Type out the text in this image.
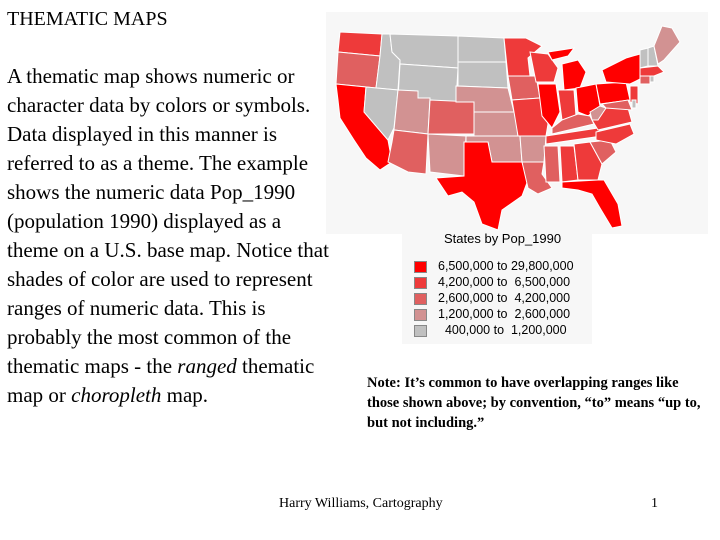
THEMATIC MAPS
A thematic map shows numeric or character data by colors or symbols. Data displayed in this manner is referred to as a theme. The example shows the numeric data Pop_1990 (population 1990) displayed as a theme on a U.S. base map. Notice that shades of color are used to represent ranges of numeric data. This is probably the most common of the thematic maps - the ranged thematic map or choropleth map.
States by Pop_1990
6,500,000 to 29,800,000
4,200,000 to  6,500,000
2,600,000 to  4,200,000
1,200,000 to  2,600,000
400,000 to  1,200,000
Note: It’s common to have overlapping ranges like those shown above; by convention, “to” means “up to, but not including.”
Harry Williams, Cartography	1
